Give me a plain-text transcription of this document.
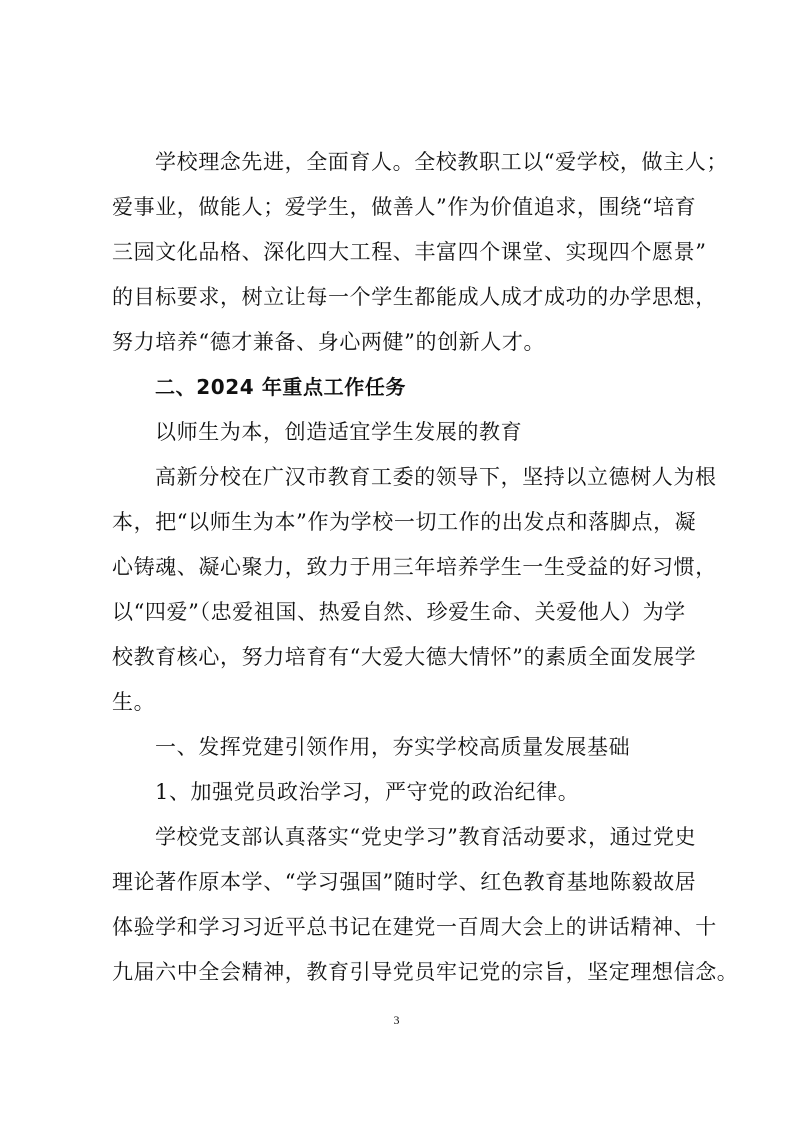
学校理念先进，全面育人。全校教职工以“爱学校，做主人；
爱事业，做能人；爱学生，做善人”作为价值追求，围绕“培育
三园文化品格、深化四大工程、丰富四个课堂、实现四个愿景”
的目标要求，树立让每一个学生都能成人成才成功的办学思想，
努力培养“德才兼备、身心两健”的创新人才。
二、2024 年重点工作任务
以师生为本，创造适宜学生发展的教育
高新分校在广汉市教育工委的领导下，坚持以立德树人为根
本，把“以师生为本”作为学校一切工作的出发点和落脚点，凝
心铸魂、凝心聚力，致力于用三年培养学生一生受益的好习惯，
以“四爱”（忠爱祖国、热爱自然、珍爱生命、关爱他人）为学
校教育核心，努力培育有“大爱大德大情怀”的素质全面发展学
生。
一、发挥党建引领作用，夯实学校高质量发展基础
1、加强党员政治学习，严守党的政治纪律。
学校党支部认真落实“党史学习”教育活动要求，通过党史
理论著作原本学、“学习强国”随时学、红色教育基地陈毅故居
体验学和学习习近平总书记在建党一百周大会上的讲话精神、十
九届六中全会精神，教育引导党员牢记党的宗旨，坚定理想信念。
3
